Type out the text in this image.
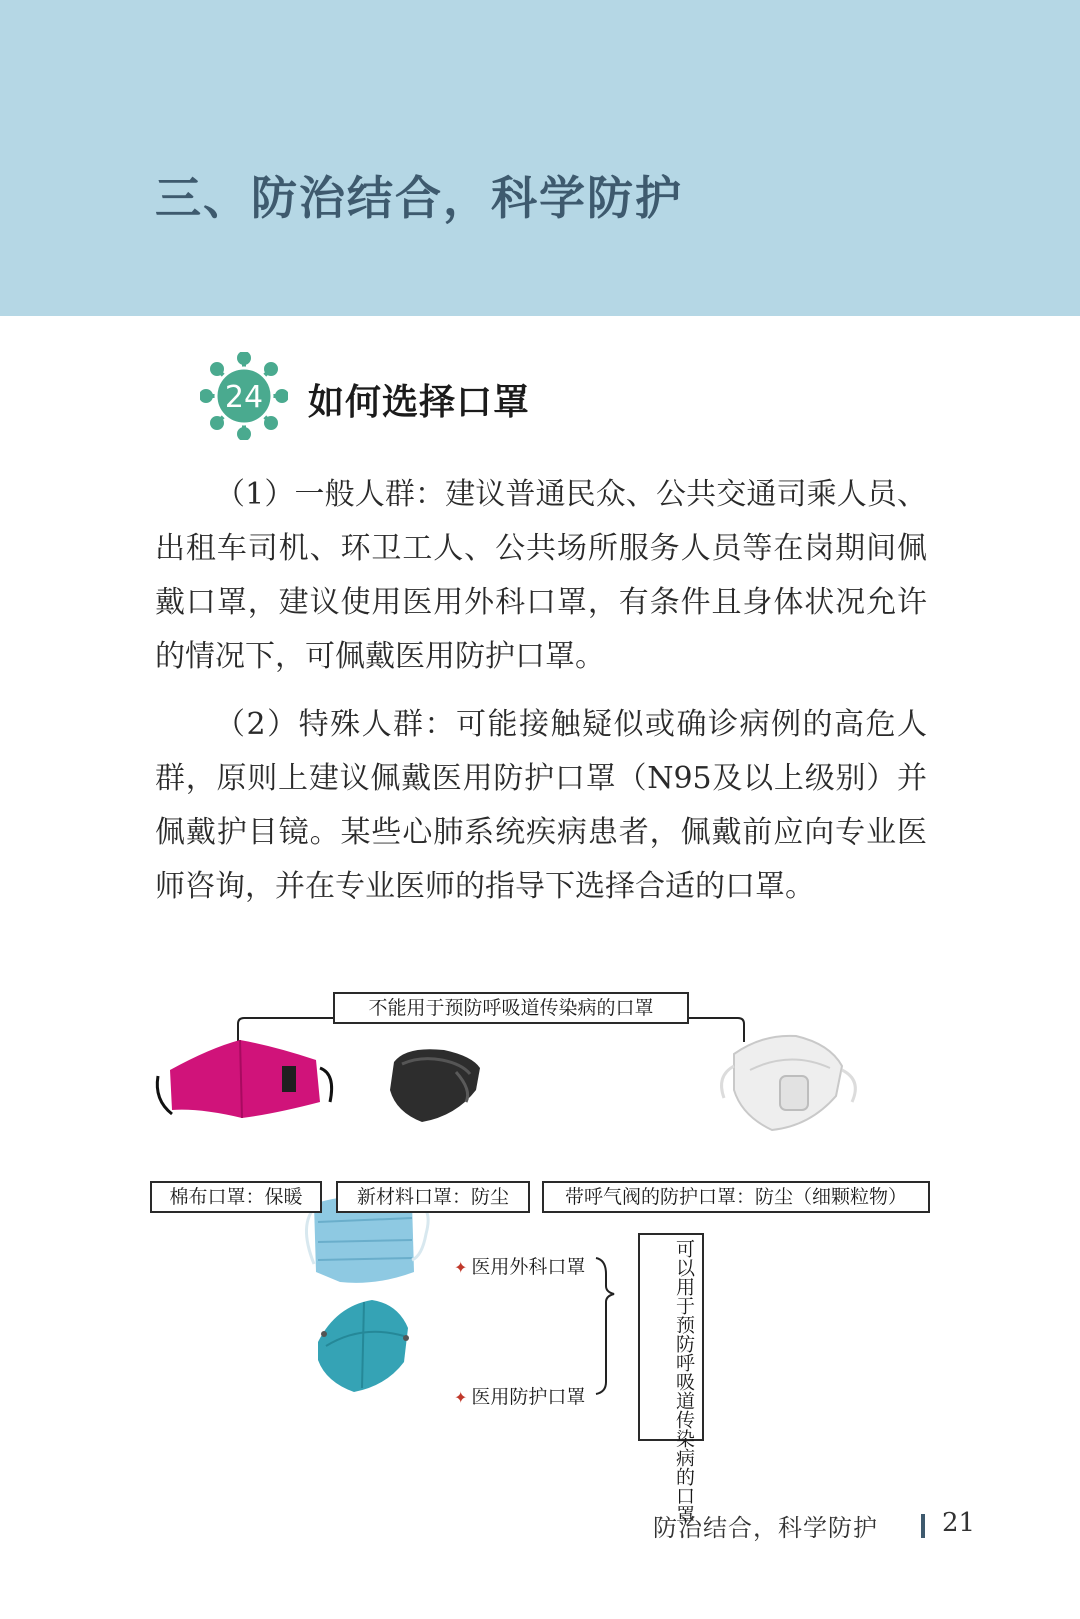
三、防治结合，科学防护
24 如何选择口罩
（1）一般人群：建议普通民众、公共交通司乘人员、出租车司机、环卫工人、公共场所服务人员等在岗期间佩戴口罩，建议使用医用外科口罩，有条件且身体状况允许的情况下，可佩戴医用防护口罩。
（2）特殊人群：可能接触疑似或确诊病例的高危人群，原则上建议佩戴医用防护口罩（N95及以上级别）并佩戴护目镜。某些心肺系统疾病患者，佩戴前应向专业医师咨询，并在专业医师的指导下选择合适的口罩。
不能用于预防呼吸道传染病的口罩
棉布口罩：保暖	新材料口罩：防尘	带呼气阀的防护口罩：防尘（细颗粒物）
✦ 医用外科口罩
✦ 医用防护口罩	可以用于预防呼吸道传染病的口罩
防治结合，科学防护 21
